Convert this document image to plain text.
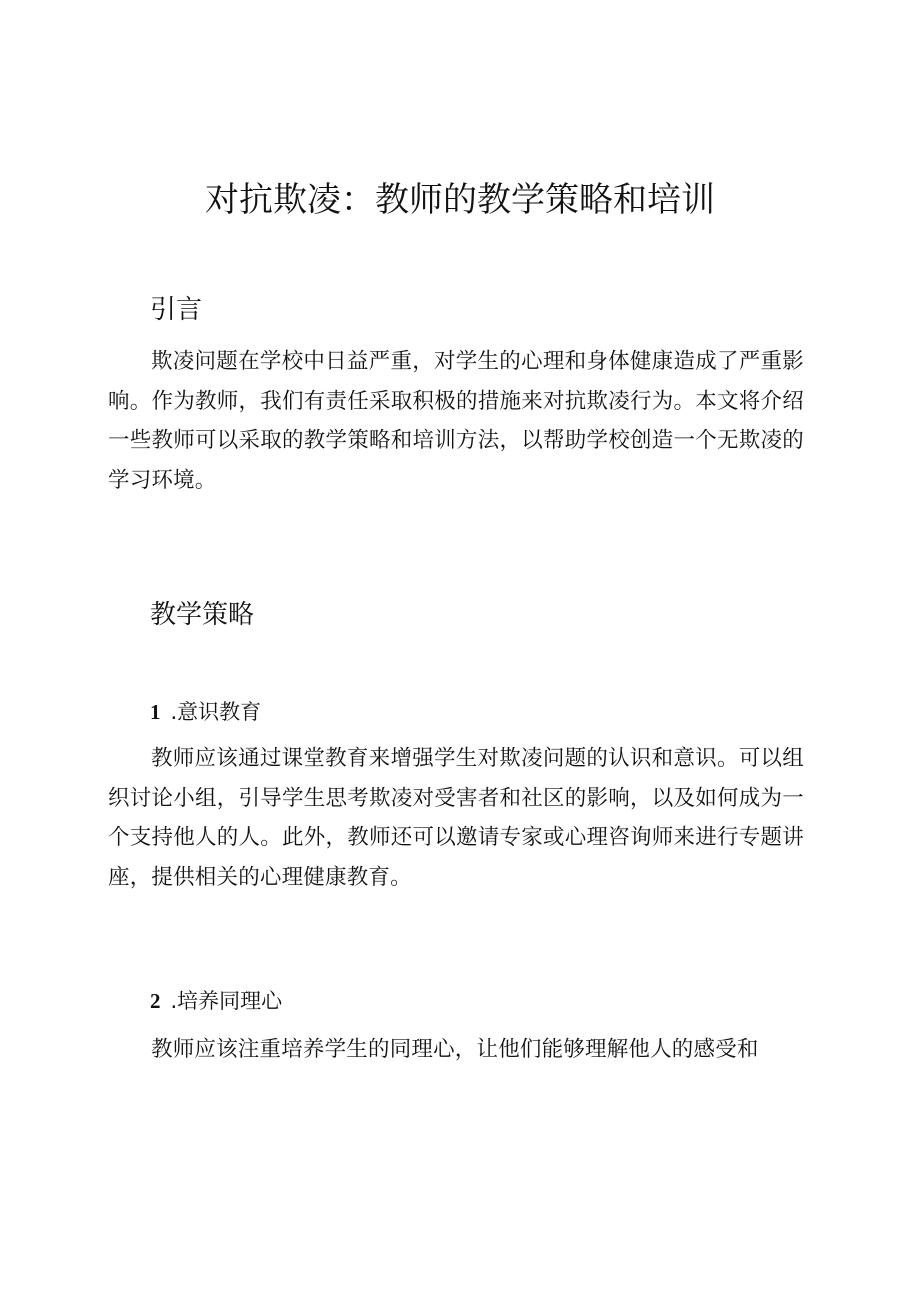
对抗欺凌：教师的教学策略和培训
引言

欺凌问题在学校中日益严重，对学生的心理和身体健康造成了严重影响。作为教师，我们有责任采取积极的措施来对抗欺凌行为。本文将介绍一些教师可以采取的教学策略和培训方法，以帮助学校创造一个无欺凌的学习环境。

教学策略
1 .意识教育

教师应该通过课堂教育来增强学生对欺凌问题的认识和意识。可以组织讨论小组，引导学生思考欺凌对受害者和社区的影响，以及如何成为一个支持他人的人。此外，教师还可以邀请专家或心理咨询师来进行专题讲座，提供相关的心理健康教育。

2 .培养同理心

教师应该注重培养学生的同理心，让他们能够理解他人的感受和
